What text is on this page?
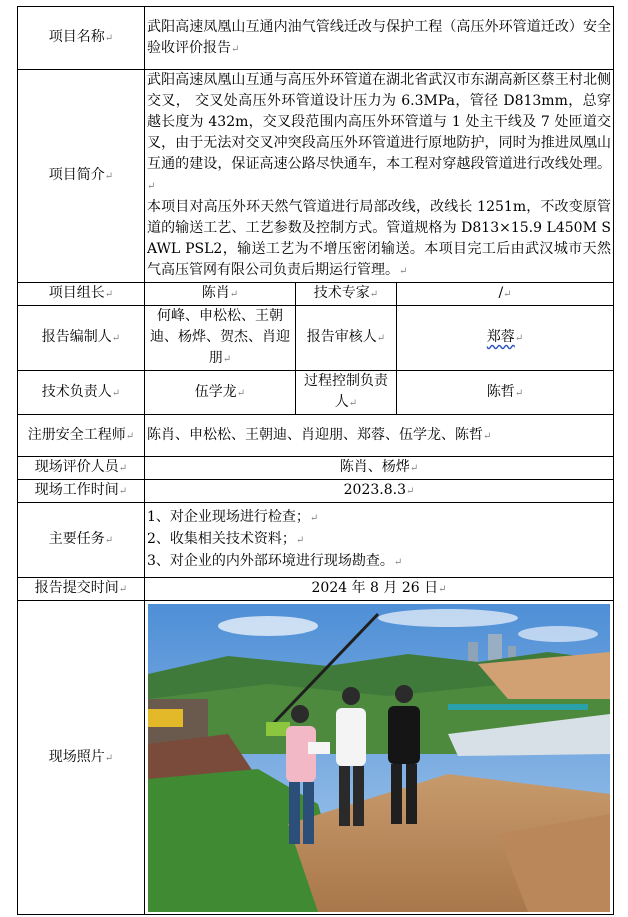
项目名称↵	武阳高速凤凰山互通内油气管线迁改与保护工程（高压外环管道迁改）安全验收评价报告↵		
项目简介↵	武阳高速凤凰山互通与高压外环管道在湖北省武汉市东湖高新区蔡王村北侧交叉， 交叉处高压外环管道设计压力为 6.3MPa，管径 D813mm，总穿越长度为 432m，交叉段范围内高压外环管道与 1 处主干线及 7 处匝道交叉，由于无法对交叉冲突段高压外环管道进行原地防护，同时为推进凤凰山互通的建设，保证高速公路尽快通车，本工程对穿越段管道进行改线处理。↵
本项目对高压外环天然气管道进行局部改线，改线长 1251m，不改变原管道的输送工艺、工艺参数及控制方式。管道规格为 D813×15.9 L450M SAWL PSL2，输送工艺为不增压密闭输送。本项目完工后由武汉城市天然气高压管网有限公司负责后期运行管理。↵		

项目组长↵	陈肖↵	技术专家↵	/↵
报告编制人↵	何峰、申松松、王朝迪、杨烨、贺杰、肖迎朋↵	报告审核人↵	郑蓉↵
技术负责人↵	伍学龙↵	过程控制负责人↵	陈哲↵
注册安全工程师↵	陈肖、申松松、王朝迪、肖迎朋、郑蓉、伍学龙、陈哲↵		
现场评价人员↵	陈肖、杨烨↵		
现场工作时间↵	2023.8.3↵		
主要任务↵	1、对企业现场进行检查；↵
2、收集相关技术资料；↵
3、对企业的内外部环境进行现场勘查。↵		

报告提交时间↵	2024 年 8 月 26 日↵		
现场照片↵	
